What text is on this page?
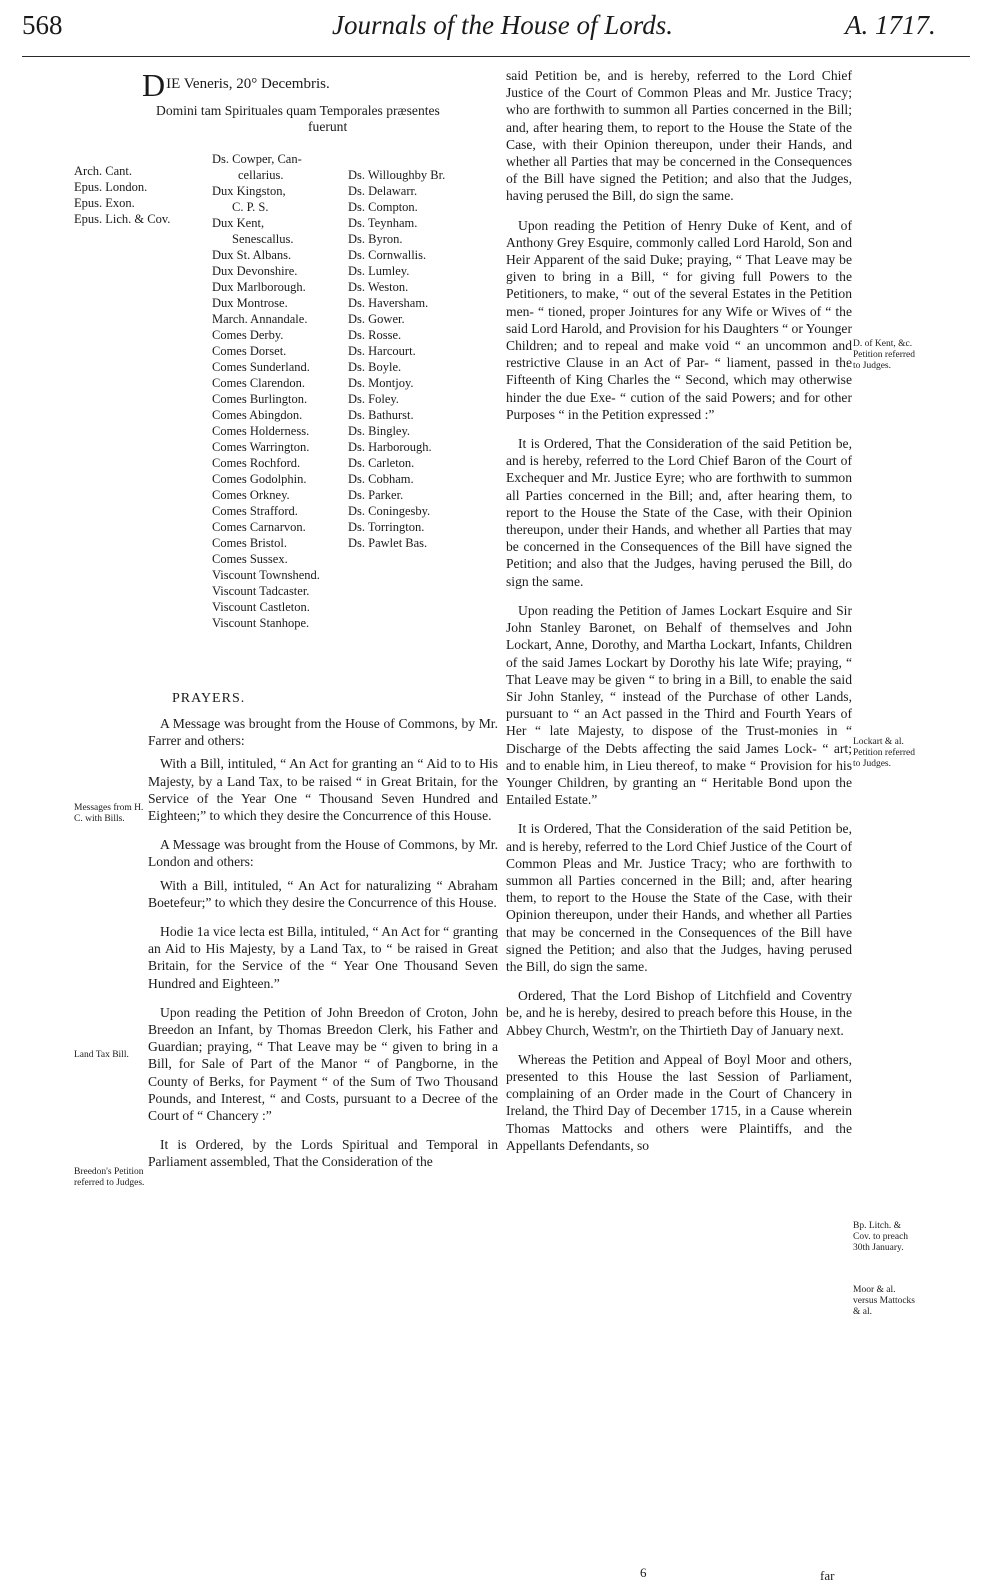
568	Journals of the House of Lords.	A. 1717.
D IE Veneris, 20° Decembris.
Domini tam Spirituales quam Temporales præsentes
fuerunt
Arch. Cant.
Epus. London.
Epus. Exon.
Epus. Lich. & Cov.
Ds. Cowper, Can-
cellarius.
Dux Kingston,
C. P. S.
Dux Kent,
Senescallus.
Dux St. Albans.
Dux Devonshire.
Dux Marlborough.
Dux Montrose.
March. Annandale.
Comes Derby.
Comes Dorset.
Comes Sunderland.
Comes Clarendon.
Comes Burlington.
Comes Abingdon.
Comes Holderness.
Comes Warrington.
Comes Rochford.
Comes Godolphin.
Comes Orkney.
Comes Strafford.
Comes Carnarvon.
Comes Bristol.
Comes Sussex.
Viscount Townshend.
Viscount Tadcaster.
Viscount Castleton.
Viscount Stanhope.
Ds. Willoughby Br.
Ds. Delawarr.
Ds. Compton.
Ds. Teynham.
Ds. Byron.
Ds. Cornwallis.
Ds. Lumley.
Ds. Weston.
Ds. Haversham.
Ds. Gower.
Ds. Rosse.
Ds. Harcourt.
Ds. Boyle.
Ds. Montjoy.
Ds. Foley.
Ds. Bathurst.
Ds. Bingley.
Ds. Harborough.
Ds. Carleton.
Ds. Cobham.
Ds. Parker.
Ds. Coningesby.
Ds. Torrington.
Ds. Pawlet Bas.
PRAYERS.

A Message was brought from the House of Commons, by Mr. Farrer and others:

With a Bill, intituled, “ An Act for granting an “ Aid to to His Majesty, by a Land Tax, to be raised “ in Great Britain, for the Service of the Year One “ Thousand Seven Hundred and Eighteen;” to which they desire the Concurrence of this House.

A Message was brought from the House of Commons, by Mr. London and others:

With a Bill, intituled, “ An Act for naturalizing “ Abraham Boetefeur;” to which they desire the Concurrence of this House.

Hodie 1a vice lecta est Billa, intituled, “ An Act for “ granting an Aid to His Majesty, by a Land Tax, to “ be raised in Great Britain, for the Service of the “ Year One Thousand Seven Hundred and Eighteen.”

Upon reading the Petition of John Breedon of Croton, John Breedon an Infant, by Thomas Breedon Clerk, his Father and Guardian; praying, “ That Leave may be “ given to bring in a Bill, for Sale of Part of the Manor “ of Pangborne, in the County of Berks, for Payment “ of the Sum of Two Thousand Pounds, and Interest, “ and Costs, pursuant to a Decree of the Court of “ Chancery :”

It is Ordered, by the Lords Spiritual and Temporal in Parliament assembled, That the Consideration of the

Messages from H. C. with Bills.
Land Tax Bill.
Breedon's Petition referred to Judges.

said Petition be, and is hereby, referred to the Lord Chief Justice of the Court of Common Pleas and Mr. Justice Tracy; who are forthwith to summon all Parties concerned in the Bill; and, after hearing them, to report to the House the State of the Case, with their Opinion thereupon, under their Hands, and whether all Parties that may be concerned in the Consequences of the Bill have signed the Petition; and also that the Judges, having perused the Bill, do sign the same.

Upon reading the Petition of Henry Duke of Kent, and of Anthony Grey Esquire, commonly called Lord Harold, Son and Heir Apparent of the said Duke; praying, “ That Leave may be given to bring in a Bill, “ for giving full Powers to the Petitioners, to make, “ out of the several Estates in the Petition men- “ tioned, proper Jointures for any Wife or Wives of “ the said Lord Harold, and Provision for his Daughters “ or Younger Children; and to repeal and make void “ an uncommon and restrictive Clause in an Act of Par- “ liament, passed in the Fifteenth of King Charles the “ Second, which may otherwise hinder the due Exe- “ cution of the said Powers; and for other Purposes “ in the Petition expressed :”

It is Ordered, That the Consideration of the said Petition be, and is hereby, referred to the Lord Chief Baron of the Court of Exchequer and Mr. Justice Eyre; who are forthwith to summon all Parties concerned in the Bill; and, after hearing them, to report to the House the State of the Case, with their Opinion thereupon, under their Hands, and whether all Parties that may be concerned in the Consequences of the Bill have signed the Petition; and also that the Judges, having perused the Bill, do sign the same.

Upon reading the Petition of James Lockart Esquire and Sir John Stanley Baronet, on Behalf of themselves and John Lockart, Anne, Dorothy, and Martha Lockart, Infants, Children of the said James Lockart by Dorothy his late Wife; praying, “ That Leave may be given “ to bring in a Bill, to enable the said Sir John Stanley, “ instead of the Purchase of other Lands, pursuant to “ an Act passed in the Third and Fourth Years of Her “ late Majesty, to dispose of the Trust-monies in “ Discharge of the Debts affecting the said James Lock- “ art; and to enable him, in Lieu thereof, to make “ Provision for his Younger Children, by granting an “ Heritable Bond upon the Entailed Estate.”

It is Ordered, That the Consideration of the said Petition be, and is hereby, referred to the Lord Chief Justice of the Court of Common Pleas and Mr. Justice Tracy; who are forthwith to summon all Parties concerned in the Bill; and, after hearing them, to report to the House the State of the Case, with their Opinion thereupon, under their Hands, and whether all Parties that may be concerned in the Consequences of the Bill have signed the Petition; and also that the Judges, having perused the Bill, do sign the same.

Ordered, That the Lord Bishop of Litchfield and Coventry be, and he is hereby, desired to preach before this House, in the Abbey Church, Westm'r, on the Thirtieth Day of January next.

Whereas the Petition and Appeal of Boyl Moor and others, presented to this House the last Session of Parliament, complaining of an Order made in the Court of Chancery in Ireland, the Third Day of December 1715, in a Cause wherein Thomas Mattocks and others were Plaintiffs, and the Appellants Defendants, so

D. of Kent, &c. Petition referred to Judges.
Lockart & al. Petition referred to Judges.
Bp. Litch. & Cov. to preach 30th January.
Moor & al. versus Mattocks & al.
6	far
